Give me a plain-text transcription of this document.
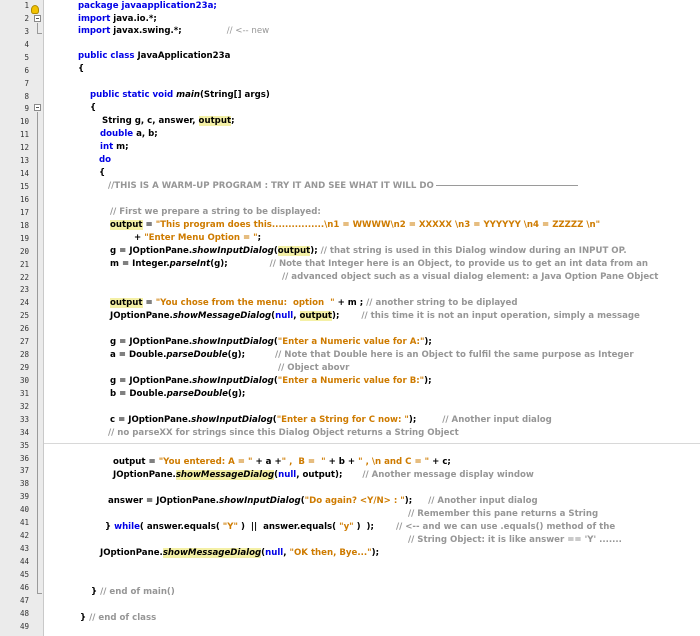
1
2
3
4
5
6
7
8
9
10
11
12
13
14
15
16
17
18
19
20
21
22
23
24
25
26
27
28
29
30
31
32
33
34
35
36
37
38
39
40
41
42
43
44
45
46
47
48
49
package javaapplication23a;
import java.io.*;
import javax.swing.*;	// <-- new
public class JavaApplication23a
{
public static void main(String[] args)
{
String g, c, answer, output;
double a, b;
int m;
do
{
//THIS IS A WARM-UP PROGRAM : TRY IT AND SEE WHAT IT WILL DO
// First we prepare a string to be displayed:
output = "This program does this................\n1 = WWWW\n2 = XXXXX \n3 = YYYYYY \n4 = ZZZZZ \n"
+ "Enter Menu Option = ";
g = JOptionPane.showInputDialog(output); // that string is used in this Dialog window during an INPUT OP.
m = Integer.parseInt(g);	// Note that Integer here is an Object, to provide us to get an int data from an
// advanced object such as a visual dialog element: a Java Option Pane Object
output = "You chose from the menu:  option  " + m ; // another string to be diplayed
JOptionPane.showMessageDialog(null, output);	// this time it is not an input operation, simply a message
g = JOptionPane.showInputDialog("Enter a Numeric value for A:");
a = Double.parseDouble(g);	// Note that Double here is an Object to fulfil the same purpose as Integer
// Object abovr
g = JOptionPane.showInputDialog("Enter a Numeric value for B:");
b = Double.parseDouble(g);
c = JOptionPane.showInputDialog("Enter a String for C now: ");	// Another input dialog
// no parseXX for strings since this Dialog Object returns a String Object
output = "You entered: A = " + a +" ,  B =  " + b + " , \n and C = " + c;
JOptionPane.showMessageDialog(null, output); // Another message display window
answer = JOptionPane.showInputDialog("Do again? <Y/N> : "); // Another input dialog
// Remember this pane returns a String
} while( answer.equals( "Y" )  ||  answer.equals( "y" )  );	// <-- and we can use .equals() method of the
// String Object: it is like answer == 'Y' .......
JOptionPane.showMessageDialog(null, "OK then, Bye...");
} // end of main()
} // end of class
